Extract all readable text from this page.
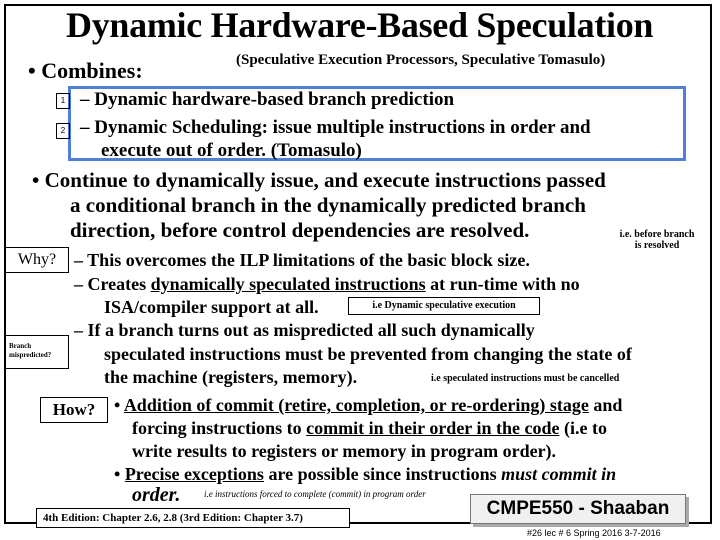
Dynamic Hardware-Based Speculation
• Combines:	(Speculative Execution Processors, Speculative Tomasulo)
1
2
– Dynamic hardware-based branch prediction
– Dynamic Scheduling: issue multiple instructions in order and
execute out of order. (Tomasulo)
• Continue to dynamically issue, and execute instructions passed
a conditional branch in the dynamically predicted branch
direction, before control dependencies are resolved.	i.e. before branch
is resolved
Why? – This overcomes the ILP limitations of the basic block size.
– Creates dynamically speculated instructions at run-time with no
ISA/compiler support at all.	i.e Dynamic speculative execution
– If a branch turns out as mispredicted all such dynamically
speculated instructions must be prevented from changing the state of
the machine (registers, memory).
Branch
mispredicted?
i.e speculated instructions must be cancelled
How?	• Addition of commit (retire, completion, or re-ordering) stage and
forcing instructions to commit in their order in the code (i.e to
write results to registers or memory in program order).
• Precise exceptions are possible since instructions must commit in
order.	i.e instructions forced to complete (commit) in program order
4th Edition: Chapter 2.6, 2.8 (3rd Edition: Chapter 3.7)	CMPE550 - Shaaban
#26 lec # 6 Spring 2016 3-7-2016
